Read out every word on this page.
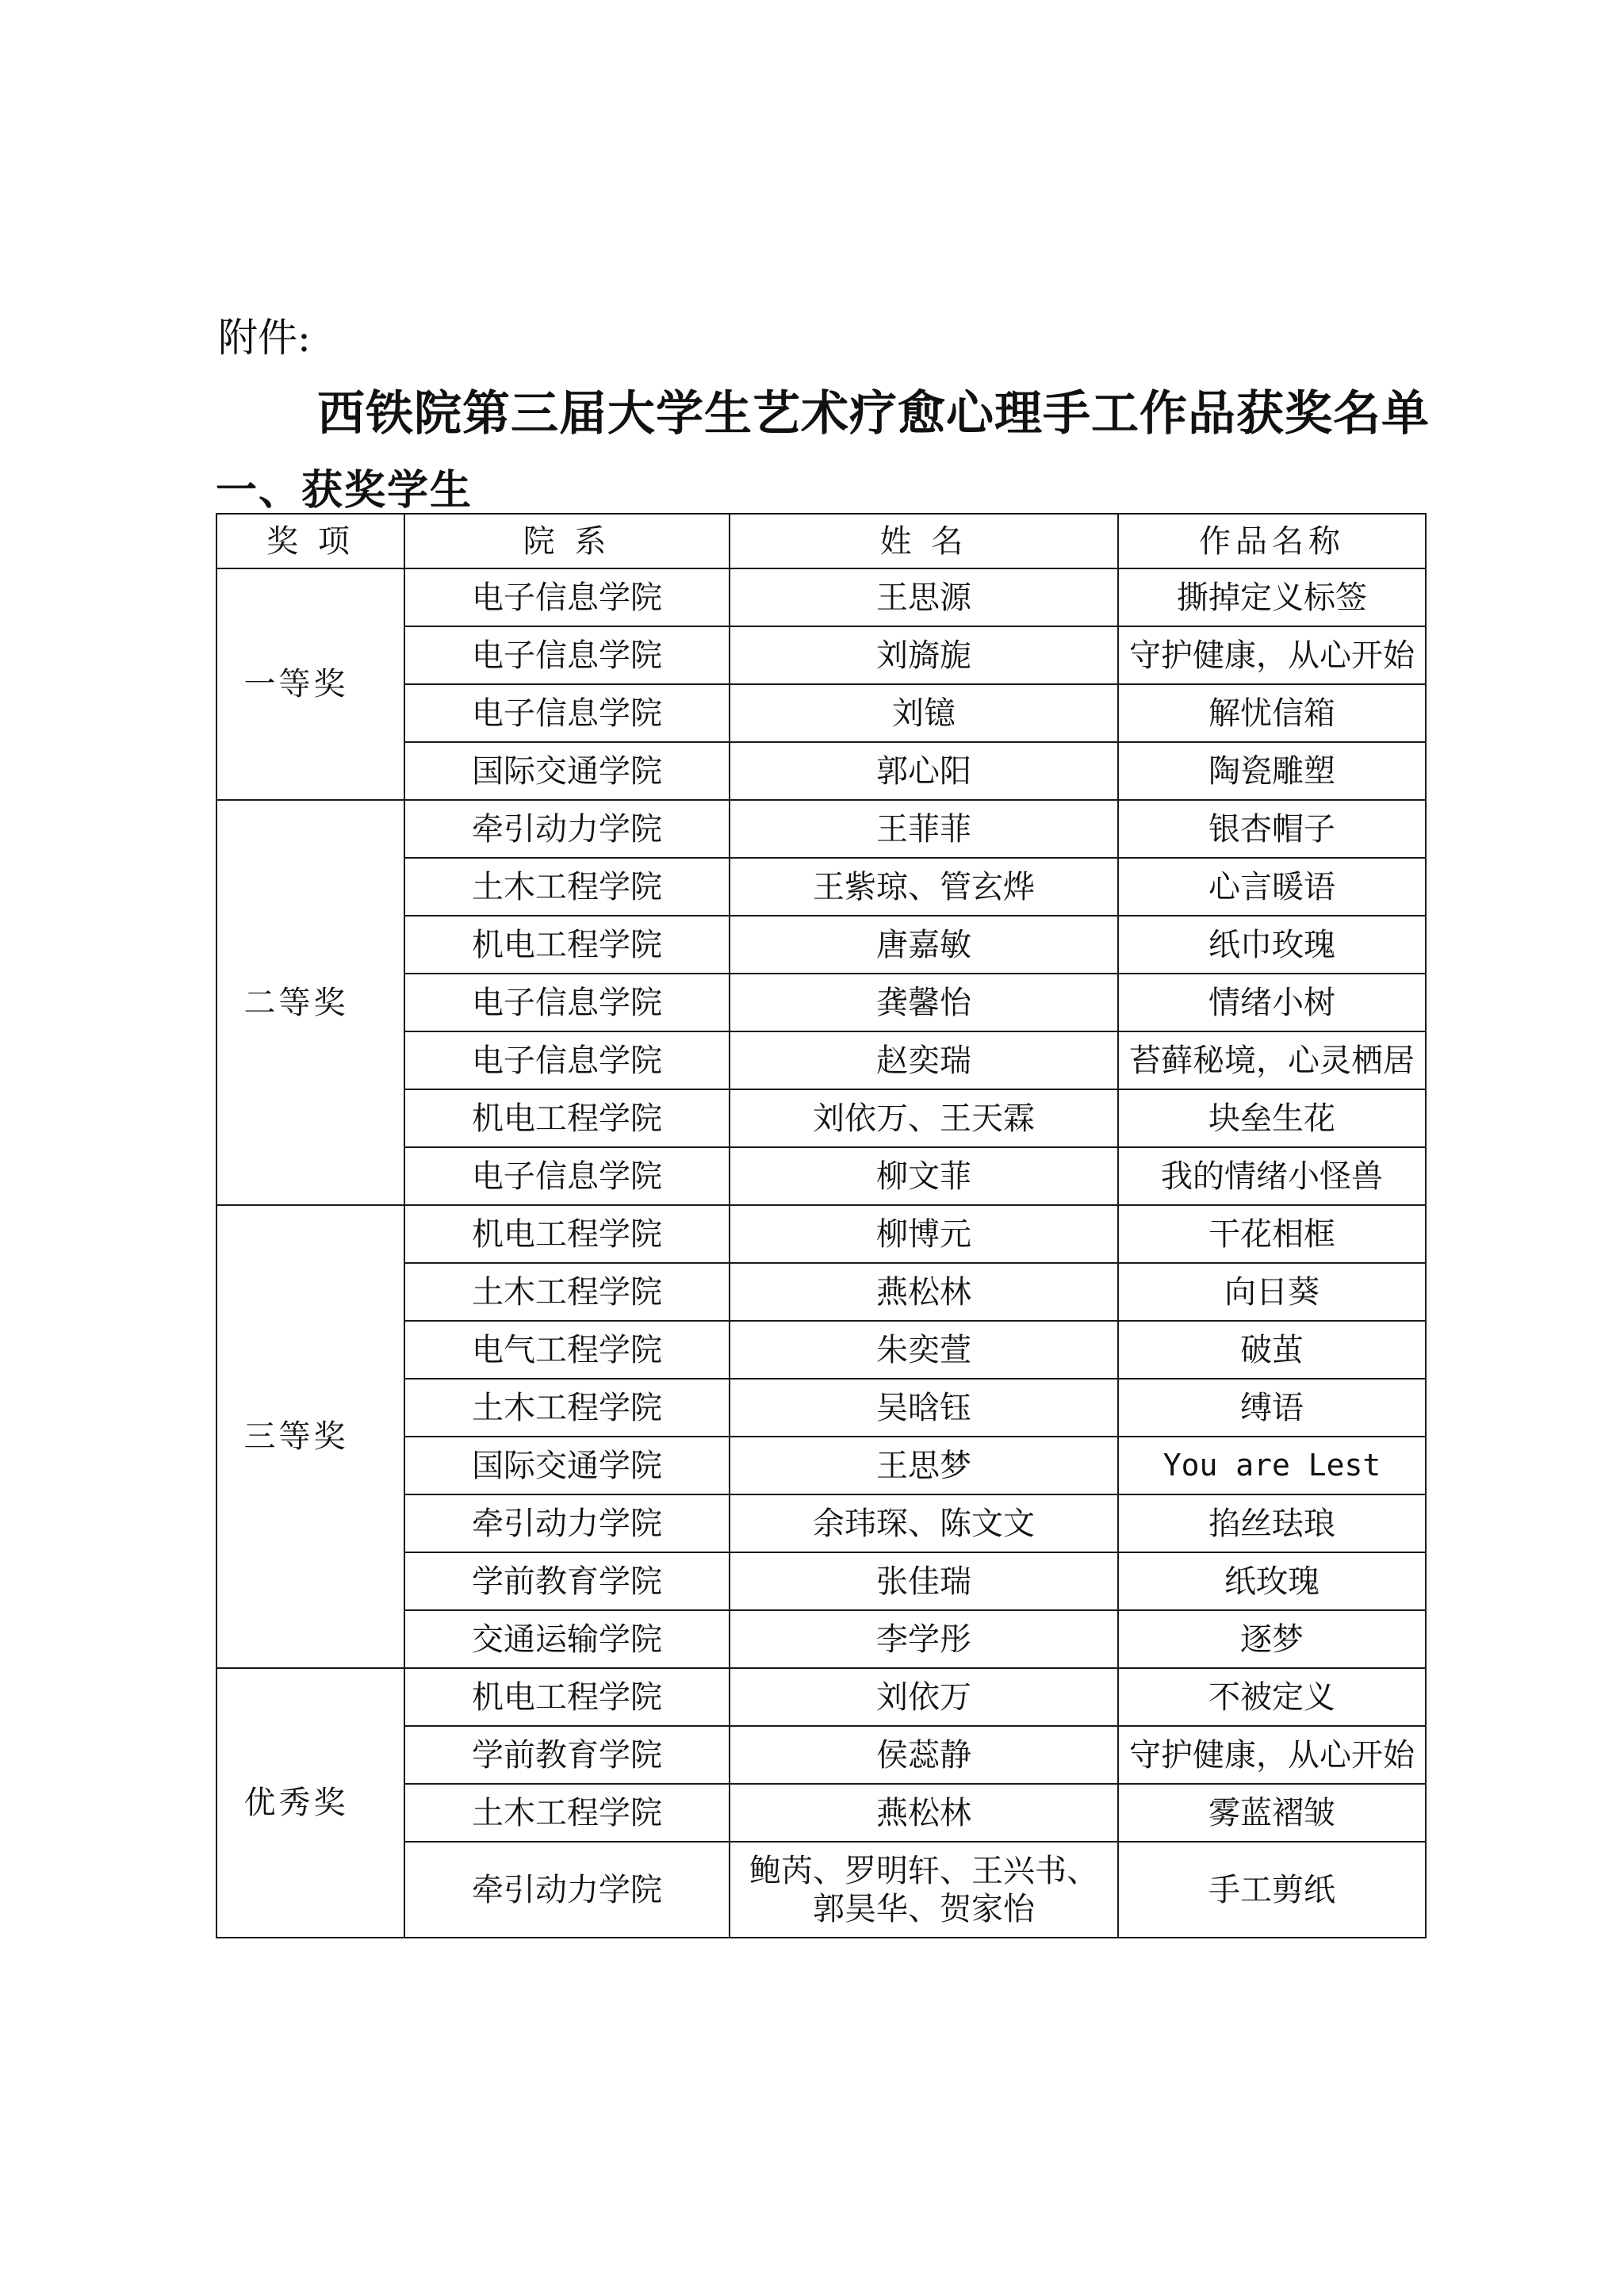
附件:
西铁院第三届大学生艺术疗愈心理手工作品获奖名单
一、获奖学生
奖 项	院 系	姓 名	作品名称
一等奖	电子信息学院	王思源	撕掉定义标签
	电子信息学院	刘旖旎	守护健康，从心开始
	电子信息学院	刘镱	解忧信箱
	国际交通学院	郭心阳	陶瓷雕塑
二等奖	牵引动力学院	王菲菲	银杏帽子
	土木工程学院	王紫琼、管玄烨	心言暖语
	机电工程学院	唐嘉敏	纸巾玫瑰
	电子信息学院	龚馨怡	情绪小树
	电子信息学院	赵奕瑞	苔藓秘境，心灵栖居
	机电工程学院	刘依万、王天霖	块垒生花
	电子信息学院	柳文菲	我的情绪小怪兽
三等奖	机电工程学院	柳博元	干花相框
	土木工程学院	燕松林	向日葵
	电气工程学院	朱奕萱	破茧
	土木工程学院	吴晗钰	缚语
	国际交通学院	王思梦	You are Lest
	牵引动力学院	余玮琛、陈文文	掐丝珐琅
	学前教育学院	张佳瑞	纸玫瑰
	交通运输学院	李学彤	逐梦
优秀奖	机电工程学院	刘依万	不被定义
	学前教育学院	侯蕊静	守护健康，从心开始
	土木工程学院	燕松林	雾蓝褶皱
	牵引动力学院	鲍芮、罗明轩、王兴书、郭昊华、贺家怡	手工剪纸
